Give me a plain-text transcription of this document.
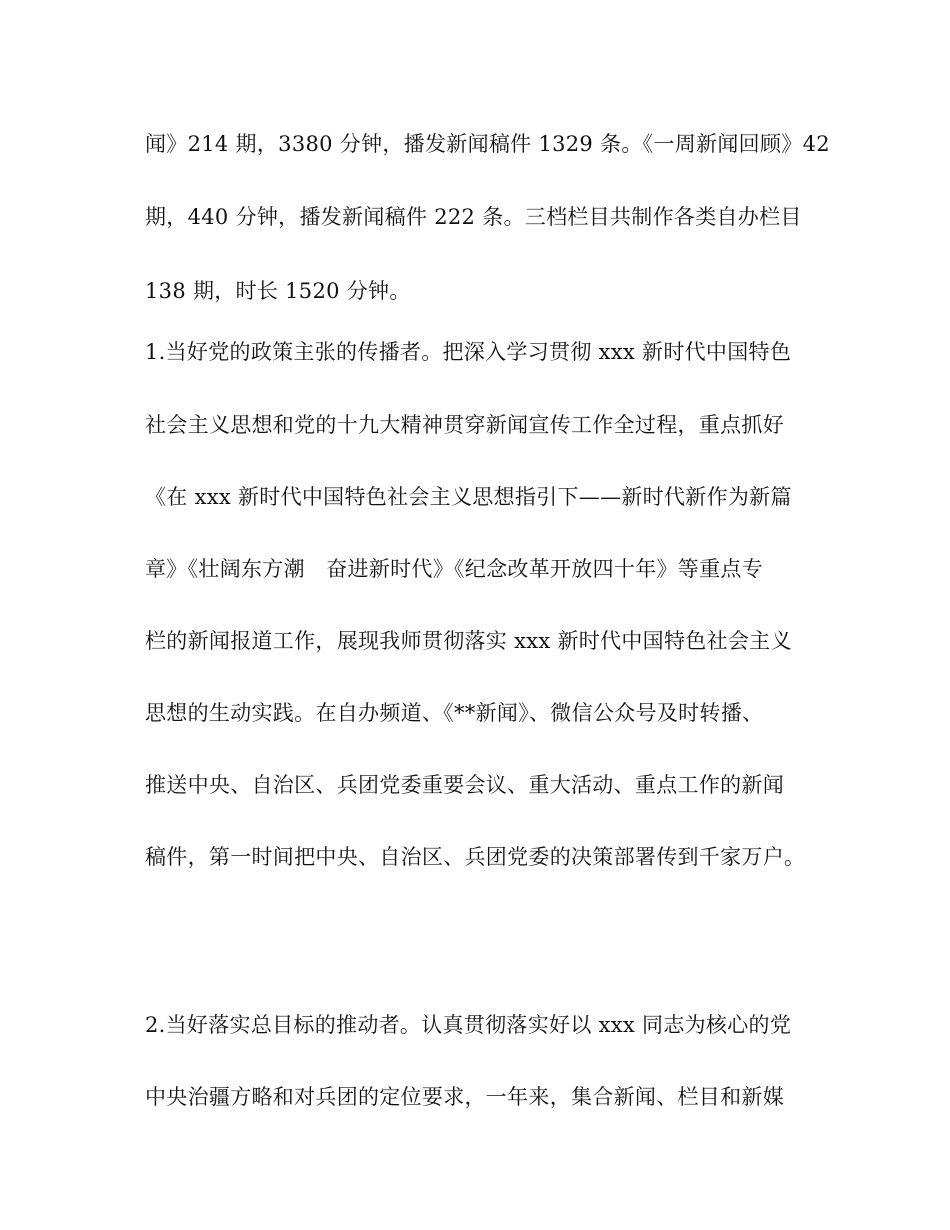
闻》214 期，3380 分钟，播发新闻稿件 1329 条。《一周新闻回顾》42
期，440 分钟，播发新闻稿件 222 条。三档栏目共制作各类自办栏目
138 期，时长 1520 分钟。
1.当好党的政策主张的传播者。把深入学习贯彻 xxx 新时代中国特色
社会主义思想和党的十九大精神贯穿新闻宣传工作全过程，重点抓好
《在 xxx 新时代中国特色社会主义思想指引下——新时代新作为新篇
章》《壮阔东方潮　奋进新时代》《纪念改革开放四十年》等重点专
栏的新闻报道工作，展现我师贯彻落实 xxx 新时代中国特色社会主义
思想的生动实践。在自办频道、《**新闻》、微信公众号及时转播、
推送中央、自治区、兵团党委重要会议、重大活动、重点工作的新闻
稿件，第一时间把中央、自治区、兵团党委的决策部署传到千家万户。
2.当好落实总目标的推动者。认真贯彻落实好以 xxx 同志为核心的党
中央治疆方略和对兵团的定位要求，一年来，集合新闻、栏目和新媒
